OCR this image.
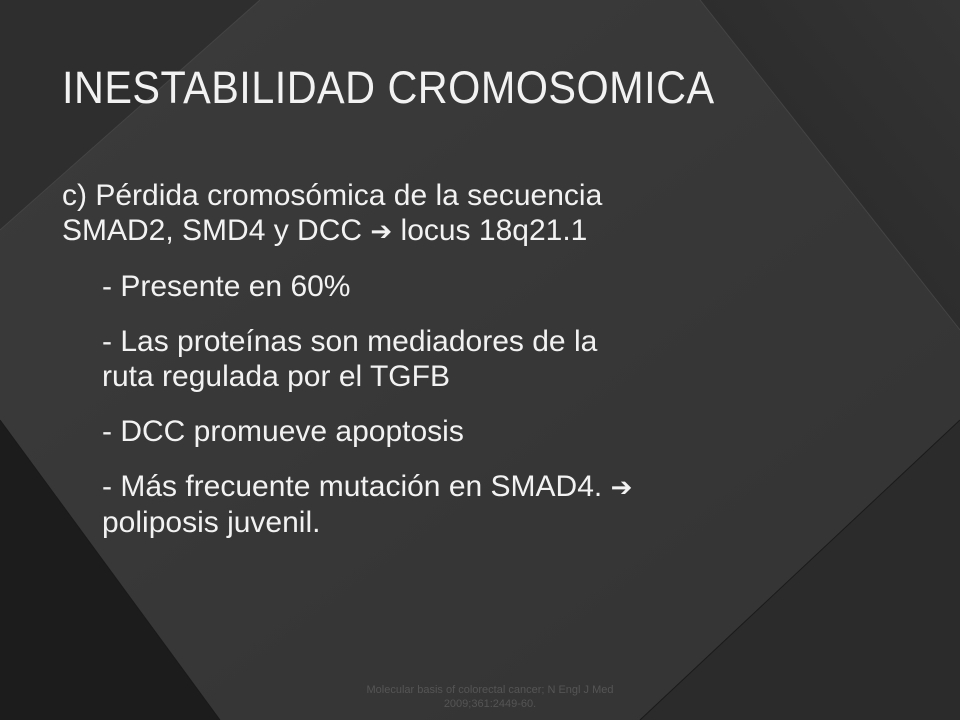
INESTABILIDAD CROMOSOMICA
c) Pérdida cromosómica de la secuencia
SMAD2, SMD4 y DCC ➔ locus 18q21.1
- Presente en 60%
- Las proteínas son mediadores de la
ruta regulada por el TGFB
- DCC promueve apoptosis
- Más frecuente mutación en SMAD4. ➔
poliposis juvenil.
Molecular basis of colorectal cancer; N Engl J Med
2009;361:2449-60.
